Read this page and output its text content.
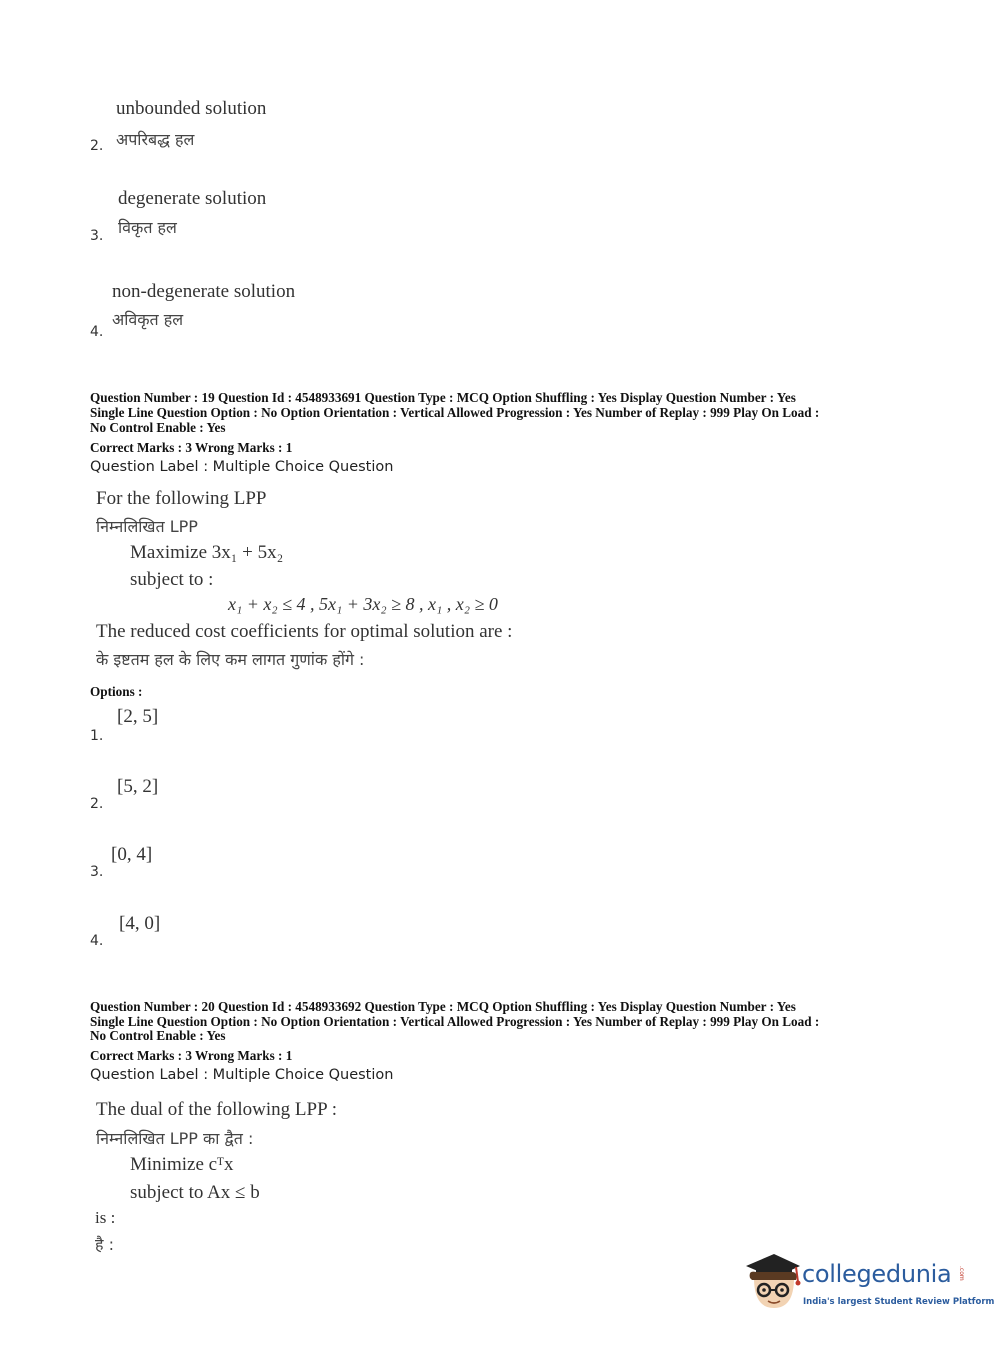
unbounded solution
अपरिबद्ध हल
2.
degenerate solution
विकृत हल
3.
non-degenerate solution
अविकृत हल
4.
Question Number : 19 Question Id : 4548933691 Question Type : MCQ Option Shuffling : Yes Display Question Number : Yes
Single Line Question Option : No Option Orientation : Vertical Allowed Progression : Yes Number of Replay : 999 Play On Load :
No Control Enable : Yes
Correct Marks : 3 Wrong Marks : 1
Question Label : Multiple Choice Question
For the following LPP
निम्नलिखित LPP
Maximize 3x₁ + 5x₂
subject to :
x₁ + x₂ ≤ 4 , 5x₁ + 3x₂ ≥ 8 , x₁ , x₂ ≥ 0
The reduced cost coefficients for optimal solution are :
के इष्टतम हल के लिए कम लागत गुणांक होंगे :
Options :
[2, 5]
1.
[5, 2]
2.
[0, 4]
3.
[4, 0]
4.
Question Number : 20 Question Id : 4548933692 Question Type : MCQ Option Shuffling : Yes Display Question Number : Yes
Single Line Question Option : No Option Orientation : Vertical Allowed Progression : Yes Number of Replay : 999 Play On Load :
No Control Enable : Yes
Correct Marks : 3 Wrong Marks : 1
Question Label : Multiple Choice Question
The dual of the following LPP :
निम्नलिखित LPP का द्वैत :
Minimize cᵀx
subject to Ax ≤ b
is :
है :
collegedunia .com
India's largest Student Review Platform
